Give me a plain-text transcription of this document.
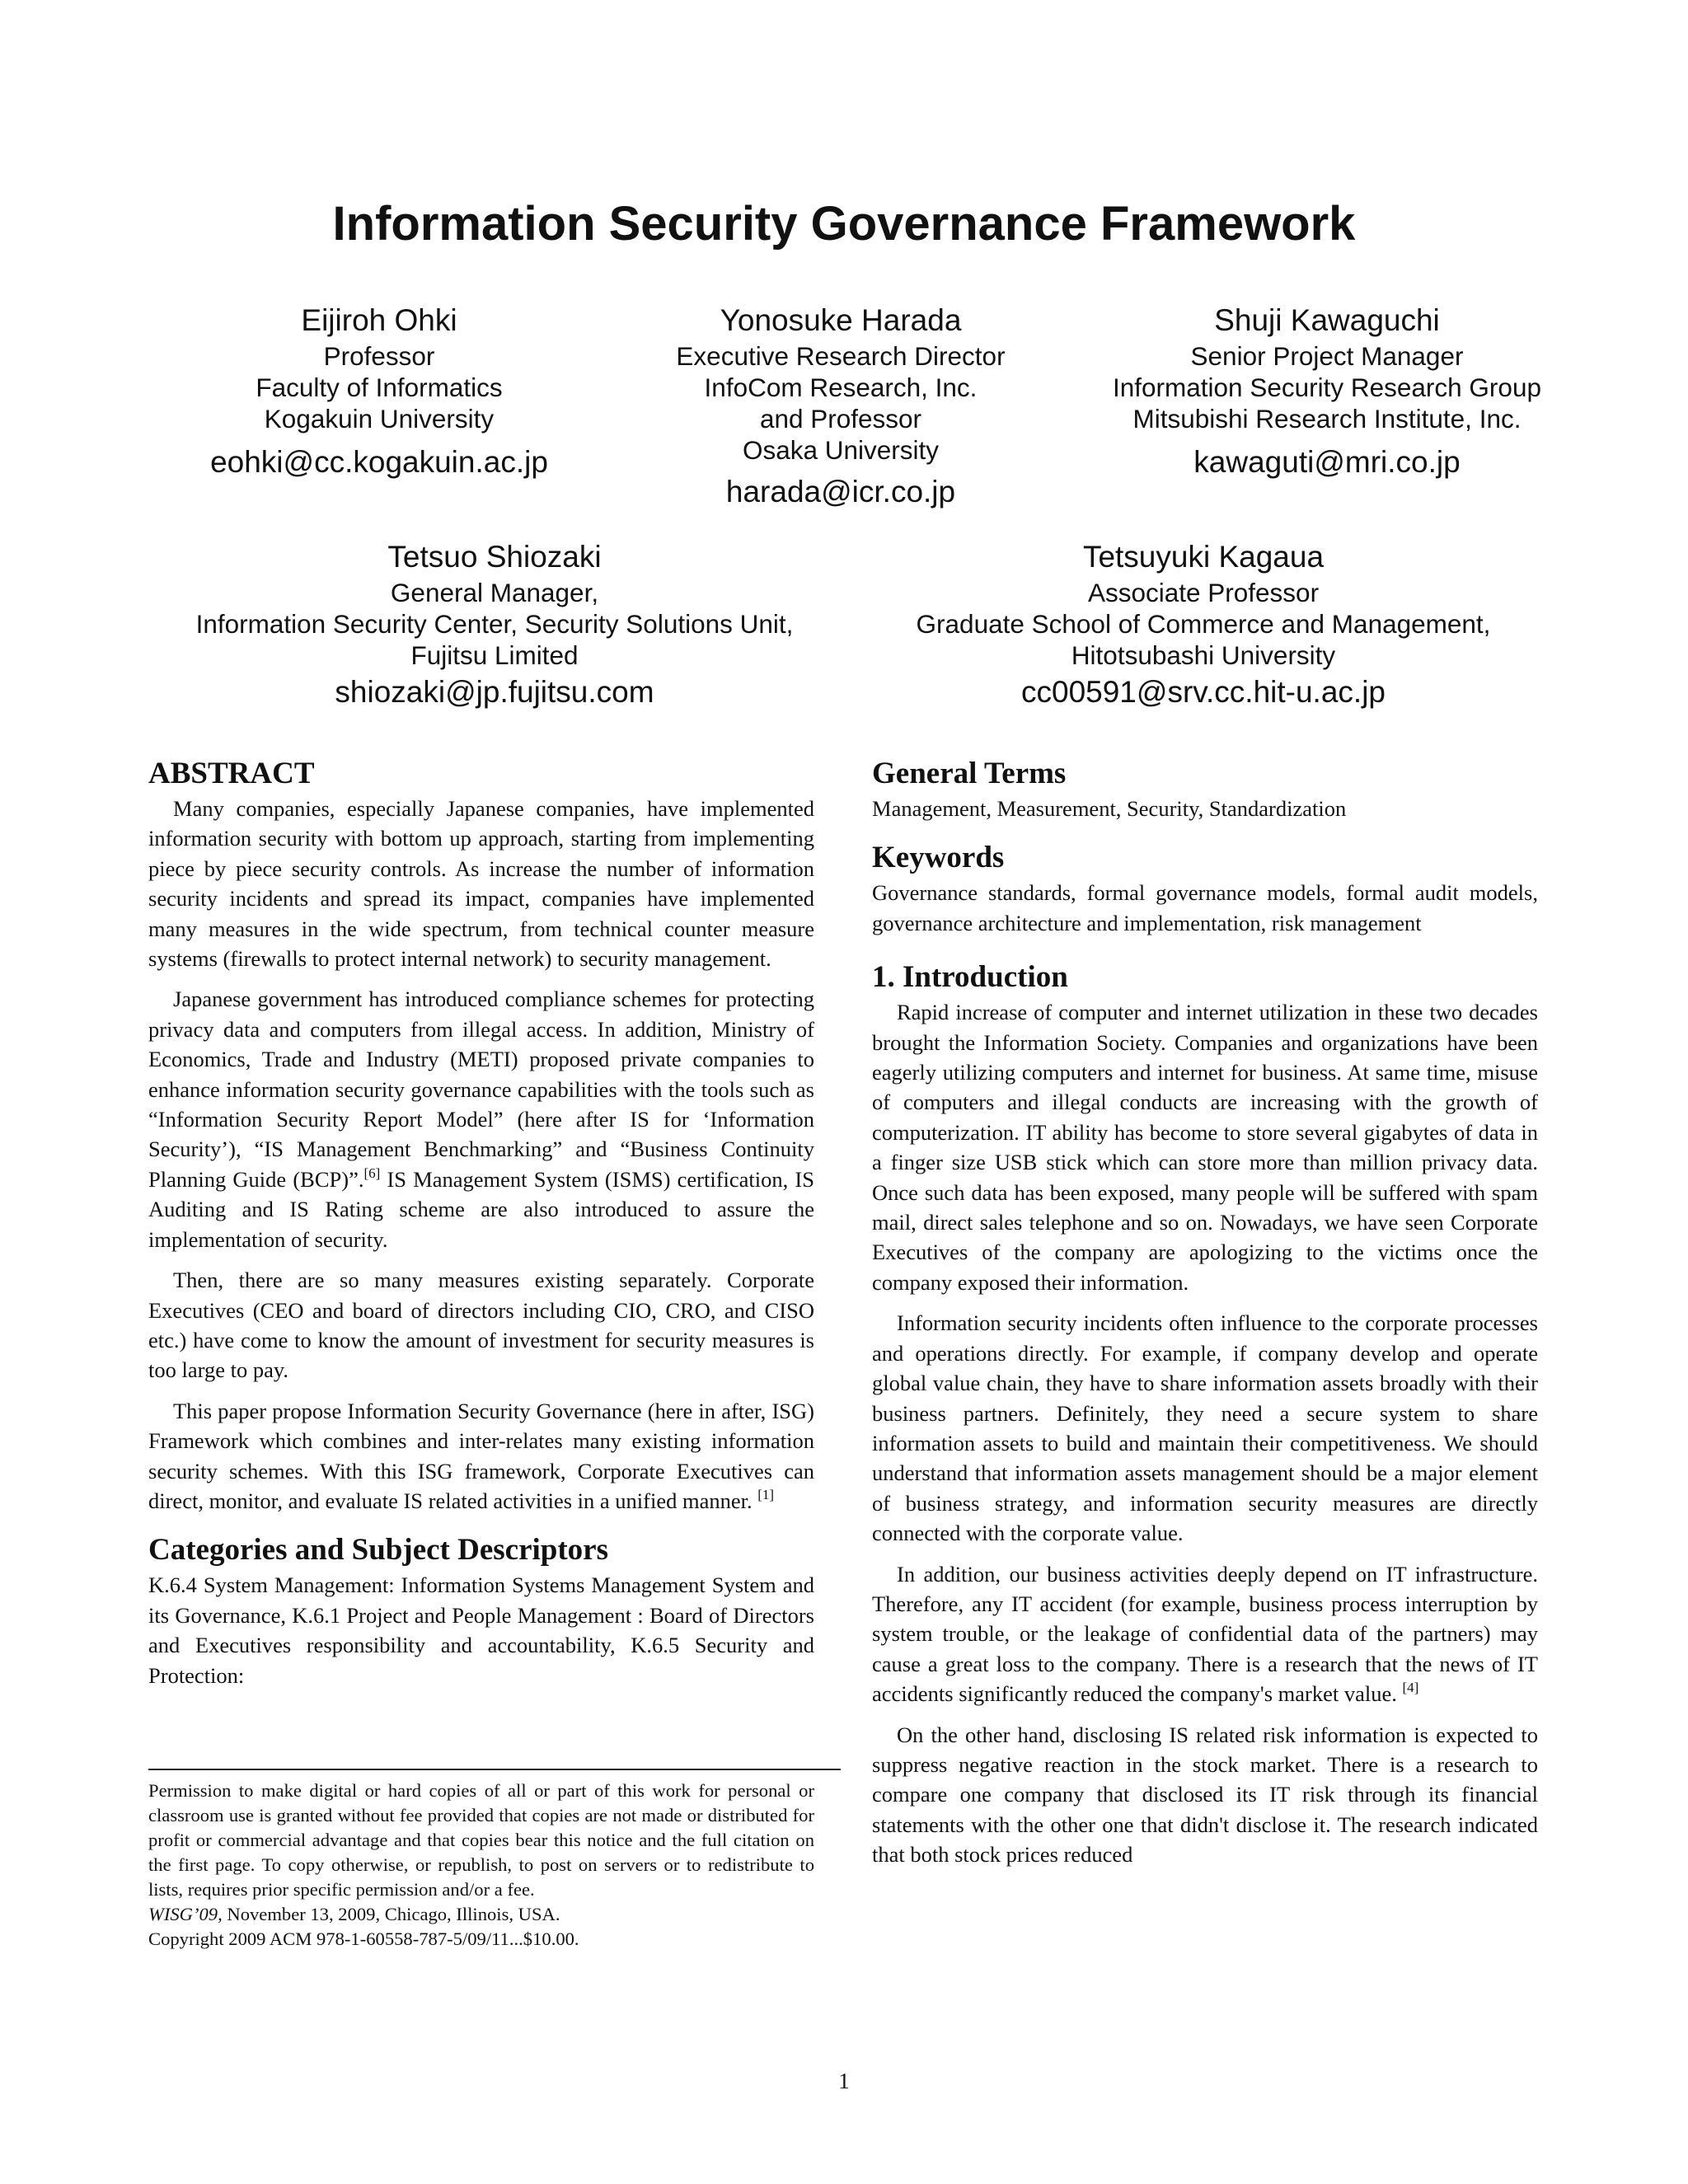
Information Security Governance Framework
Eijiroh Ohki
Professor
Faculty of Informatics
Kogakuin University
eohki@cc.kogakuin.ac.jp
Yonosuke Harada
Executive Research Director
InfoCom Research, Inc.
and Professor
Osaka University
harada@icr.co.jp
Shuji Kawaguchi
Senior Project Manager
Information Security Research Group
Mitsubishi Research Institute, Inc.
kawaguti@mri.co.jp
Tetsuo Shiozaki
General Manager,
Information Security Center, Security Solutions Unit,
Fujitsu Limited
shiozaki@jp.fujitsu.com
Tetsuyuki Kagaua
Associate Professor
Graduate School of Commerce and Management,
Hitotsubashi University
cc00591@srv.cc.hit-u.ac.jp
ABSTRACT

Many companies, especially Japanese companies, have implemented information security with bottom up approach, starting from implementing piece by piece security controls. As increase the number of information security incidents and spread its impact, companies have implemented many measures in the wide spectrum, from technical counter measure systems (firewalls to protect internal network) to security management.

Japanese government has introduced compliance schemes for protecting privacy data and computers from illegal access. In addition, Ministry of Economics, Trade and Industry (METI) proposed private companies to enhance information security governance capabilities with the tools such as “Information Security Report Model” (here after IS for ‘Information Security’), “IS Management Benchmarking” and “Business Continuity Planning Guide (BCP)”.[6] IS Management System (ISMS) certification, IS Auditing and IS Rating scheme are also introduced to assure the implementation of security.

Then, there are so many measures existing separately. Corporate Executives (CEO and board of directors including CIO, CRO, and CISO etc.) have come to know the amount of investment for security measures is too large to pay.

This paper propose Information Security Governance (here in after, ISG) Framework which combines and inter-relates many existing information security schemes. With this ISG framework, Corporate Executives can direct, monitor, and evaluate IS related activities in a unified manner. [1]

Categories and Subject Descriptors

K.6.4 System Management: Information Systems Management System and its Governance, K.6.1 Project and People Management : Board of Directors and Executives responsibility and accountability, K.6.5 Security and Protection:

Permission to make digital or hard copies of all or part of this work for personal or classroom use is granted without fee provided that copies are not made or distributed for profit or commercial advantage and that copies bear this notice and the full citation on the first page. To copy otherwise, or republish, to post on servers or to redistribute to lists, requires prior specific permission and/or a fee.

WISG’09, November 13, 2009, Chicago, Illinois, USA.

Copyright 2009 ACM 978-1-60558-787-5/09/11...$10.00.

General Terms

Management, Measurement, Security, Standardization

Keywords

Governance standards, formal governance models, formal audit models, governance architecture and implementation, risk management

1. Introduction

Rapid increase of computer and internet utilization in these two decades brought the Information Society. Companies and organizations have been eagerly utilizing computers and internet for business. At same time, misuse of computers and illegal conducts are increasing with the growth of computerization. IT ability has become to store several gigabytes of data in a finger size USB stick which can store more than million privacy data. Once such data has been exposed, many people will be suffered with spam mail, direct sales telephone and so on. Nowadays, we have seen Corporate Executives of the company are apologizing to the victims once the company exposed their information.

Information security incidents often influence to the corporate processes and operations directly. For example, if company develop and operate global value chain, they have to share information assets broadly with their business partners. Definitely, they need a secure system to share information assets to build and maintain their competitiveness. We should understand that information assets management should be a major element of business strategy, and information security measures are directly connected with the corporate value.

In addition, our business activities deeply depend on IT infrastructure. Therefore, any IT accident (for example, business process interruption by system trouble, or the leakage of confidential data of the partners) may cause a great loss to the company. There is a research that the news of IT accidents significantly reduced the company's market value. [4]

On the other hand, disclosing IS related risk information is expected to suppress negative reaction in the stock market. There is a research to compare one company that disclosed its IT risk through its financial statements with the other one that didn't disclose it. The research indicated that both stock prices reduced

1
